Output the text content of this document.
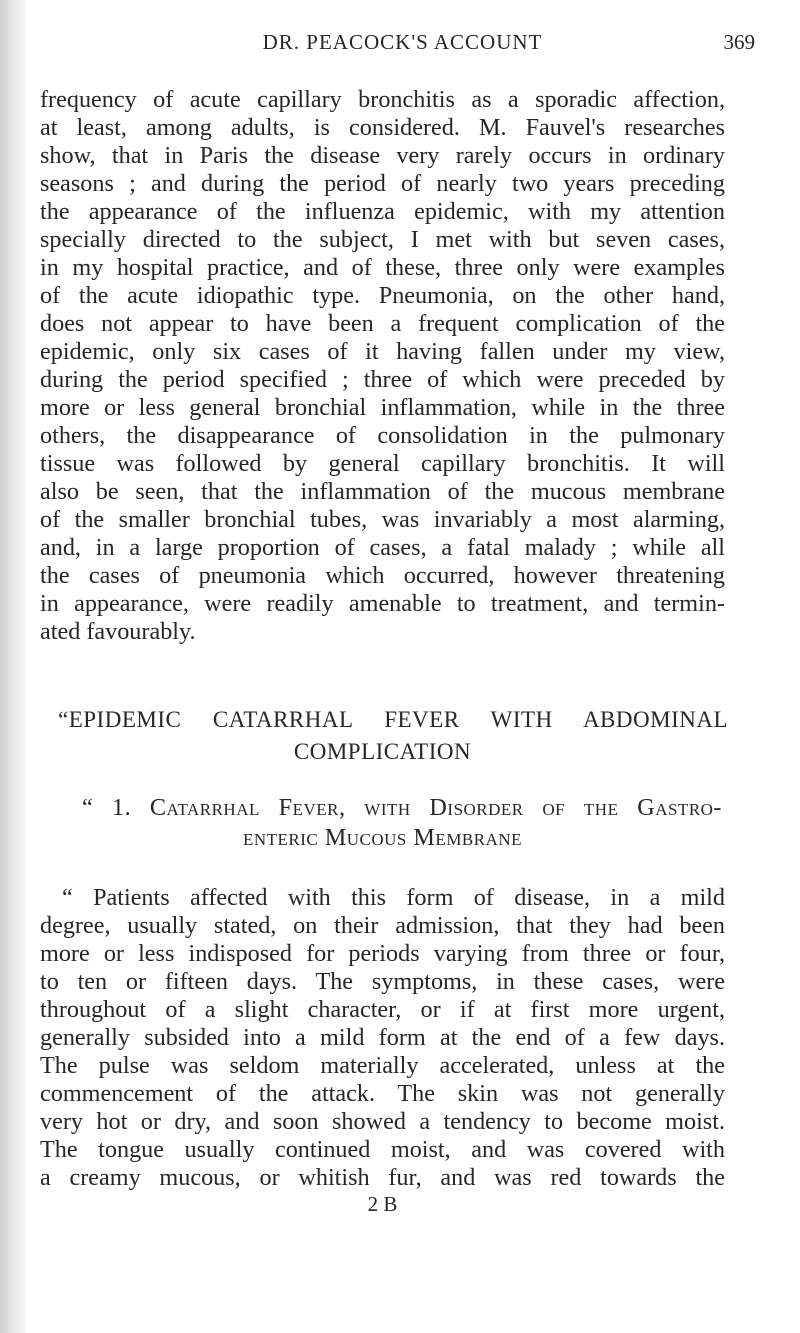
DR. PEACOCK'S ACCOUNT	369
frequency of acute capillary bronchitis as a sporadic affection,
at least, among adults, is considered. M. Fauvel's researches
show, that in Paris the disease very rarely occurs in ordinary
seasons ; and during the period of nearly two years preceding
the appearance of the influenza epidemic, with my attention
specially directed to the subject, I met with but seven cases,
in my hospital practice, and of these, three only were examples
of the acute idiopathic type. Pneumonia, on the other hand,
does not appear to have been a frequent complication of the
epidemic, only six cases of it having fallen under my view,
during the period specified ; three of which were preceded by
more or less general bronchial inflammation, while in the three
others, the disappearance of consolidation in the pulmonary
tissue was followed by general capillary bronchitis. It will
also be seen, that the inflammation of the mucous membrane
of the smaller bronchial tubes, was invariably a most alarming,
and, in a large proportion of cases, a fatal malady ; while all
the cases of pneumonia which occurred, however threatening
in appearance, were readily amenable to treatment, and termin-
ated favourably.
“EPIDEMIC CATARRHAL FEVER WITH ABDOMINAL
COMPLICATION
“ 1. Catarrhal Fever, with Disorder of the Gastro-
enteric Mucous Membrane
“ Patients affected with this form of disease, in a mild
degree, usually stated, on their admission, that they had been
more or less indisposed for periods varying from three or four,
to ten or fifteen days. The symptoms, in these cases, were
throughout of a slight character, or if at first more urgent,
generally subsided into a mild form at the end of a few days.
The pulse was seldom materially accelerated, unless at the
commencement of the attack. The skin was not generally
very hot or dry, and soon showed a tendency to become moist.
The tongue usually continued moist, and was covered with
a creamy mucous, or whitish fur, and was red towards the
2 B
